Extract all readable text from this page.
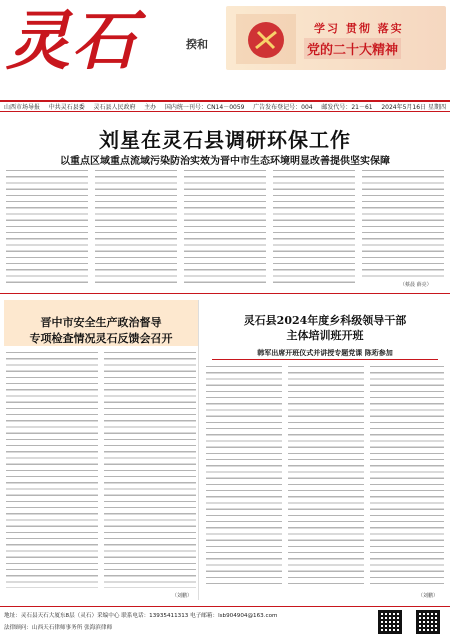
灵石	揆和
学习 贯彻 落实
党的二十大精神
山西市场导报 中共灵石县委 灵石县人民政府 主办 国内统一刊号：CN14－0059 广告发布登记号：004 邮发代号：21－61 2024年5月16日 星期四
刘星在灵石县调研环保工作
以重点区域重点流域污染防治实效为晋中市生态环境明显改善提供坚实保障
（蔡晨 薛亮）
晋中市安全生产政治督导
专项检查情况灵石反馈会召开
（刘鹏）
灵石县2024年度乡科级领导干部
主体培训班开班
韩军出席开班仪式并讲授专题党课 陈珩参加
（刘鹏）
地址：灵石县天石大厦东8层（灵石）采编中心 联系电话：13935411313 电子邮箱：lsb904904@163.com
法律顾问：山西天石律师事务所 张海滨律师
